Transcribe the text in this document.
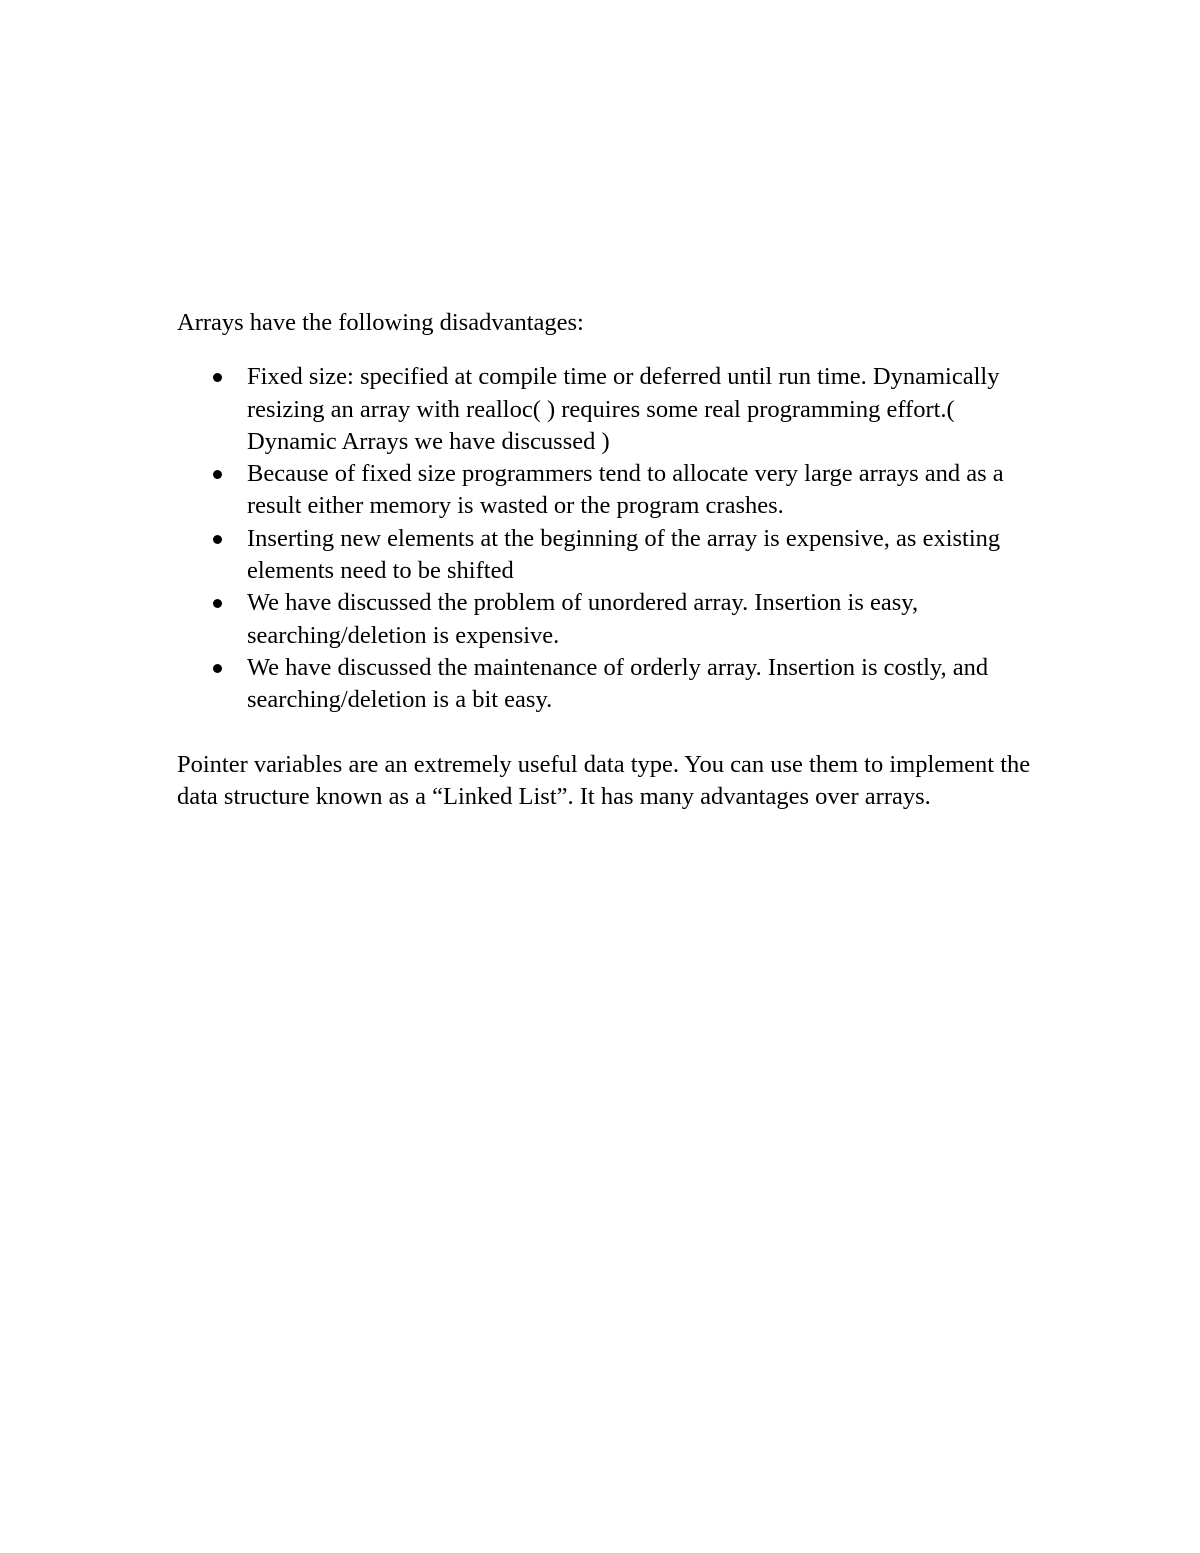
Arrays have the following disadvantages:

Fixed size: specified at compile time or deferred until run time. Dynamically resizing an array with realloc( ) requires some real programming effort.( Dynamic Arrays we have discussed )
Because of fixed size programmers tend to allocate very large arrays and as a result either memory is wasted or the program crashes.
Inserting new elements at the beginning of the array is expensive, as existing elements need to be shifted
We have discussed the problem of unordered array. Insertion is easy, searching/deletion is expensive.
We have discussed the maintenance of orderly array. Insertion is costly, and searching/deletion is a bit easy.

Pointer variables are an extremely useful data type. You can use them to implement the data structure known as a “Linked List”. It has many advantages over arrays.
